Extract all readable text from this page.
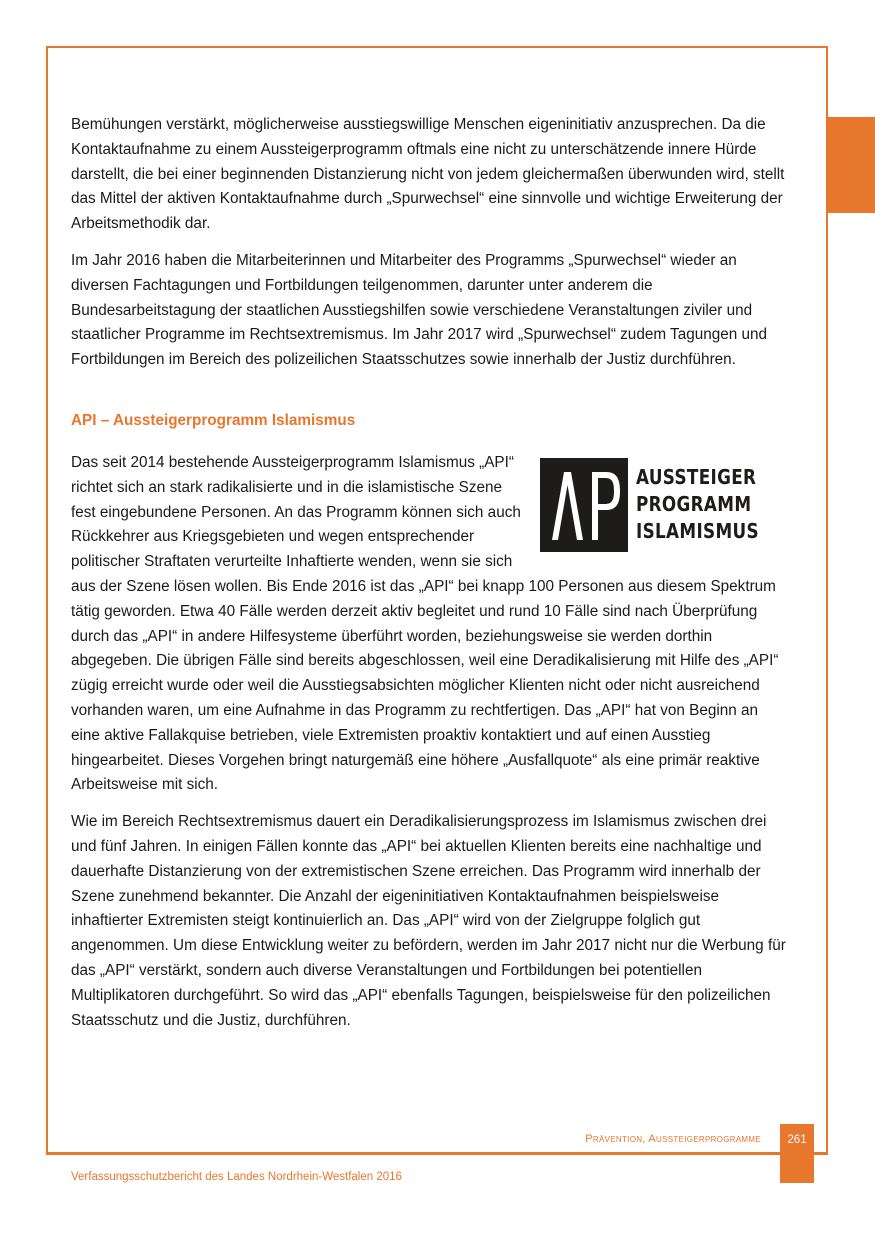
Bemühungen verstärkt, möglicherweise ausstiegswillige Menschen eigeninitiativ anzusprechen. Da die Kontaktaufnahme zu einem Aussteigerprogramm oftmals eine nicht zu unterschätzende innere Hürde darstellt, die bei einer beginnenden Distanzierung nicht von jedem gleichermaßen überwunden wird, stellt das Mittel der aktiven Kontaktaufnahme durch „Spurwechsel“ eine sinnvolle und wichtige Erweiterung der Arbeitsmethodik dar.

Im Jahr 2016 haben die Mitarbeiterinnen und Mitarbeiter des Programms „Spurwechsel“ wieder an diversen Fachtagungen und Fortbildungen teilgenommen, darunter unter anderem die Bundesarbeitstagung der staatlichen Ausstiegshilfen sowie verschiedene Veranstaltungen ziviler und staatlicher Programme im Rechtsextremismus. Im Jahr 2017 wird „Spurwechsel“ zudem Tagungen und Fortbildungen im Bereich des polizeilichen Staatsschutzes sowie innerhalb der Justiz durchführen.

API – Aussteigerprogramm Islamismus
AUSSTEIGER
PROGRAMM
ISLAMISMUS

Das seit 2014 bestehende Aussteigerprogramm Islamismus „API“ richtet sich an stark radikalisierte und in die islamistische Szene fest eingebundene Personen. An das Programm können sich auch Rückkehrer aus Kriegsgebieten und wegen entsprechender politischer Straftaten verurteilte Inhaftierte wenden, wenn sie sich aus der Szene lösen wollen. Bis Ende 2016 ist das „API“ bei knapp 100 Personen aus diesem Spektrum tätig geworden. Etwa 40 Fälle werden derzeit aktiv begleitet und rund 10 Fälle sind nach Überprüfung durch das „API“ in andere Hilfesysteme überführt worden, beziehungsweise sie werden dorthin abgegeben. Die übrigen Fälle sind bereits abgeschlossen, weil eine Deradikalisierung mit Hilfe des „API“ zügig erreicht wurde oder weil die Ausstiegsabsichten möglicher Klienten nicht oder nicht ausreichend vorhanden waren, um eine Aufnahme in das Programm zu rechtfertigen. Das „API“ hat von Beginn an eine aktive Fallakquise betrieben, viele Extremisten proaktiv kontaktiert und auf einen Ausstieg hingearbeitet. Dieses Vorgehen bringt naturgemäß eine höhere „Ausfallquote“ als eine primär reaktive Arbeitsweise mit sich.

Wie im Bereich Rechtsextremismus dauert ein Deradikalisierungsprozess im Islamismus zwischen drei und fünf Jahren. In einigen Fällen konnte das „API“ bei aktuellen Klienten bereits eine nachhaltige und dauerhafte Distanzierung von der extremistischen Szene erreichen. Das Programm wird innerhalb der Szene zunehmend bekannter. Die Anzahl der eigeninitiativen Kontaktaufnahmen beispielsweise inhaftierter Extremisten steigt kontinuierlich an. Das „API“ wird von der Zielgruppe folglich gut angenommen. Um diese Entwicklung weiter zu befördern, werden im Jahr 2017 nicht nur die Werbung für das „API“ verstärkt, sondern auch diverse Veranstaltungen und Fortbildungen bei potentiellen Multiplikatoren durchgeführt. So wird das „API“ ebenfalls Tagungen, beispielsweise für den polizeilichen Staatsschutz und die Justiz, durchführen.

Prävention, Aussteigerprogramme	261
Verfassungsschutzbericht des Landes Nordrhein-Westfalen 2016
